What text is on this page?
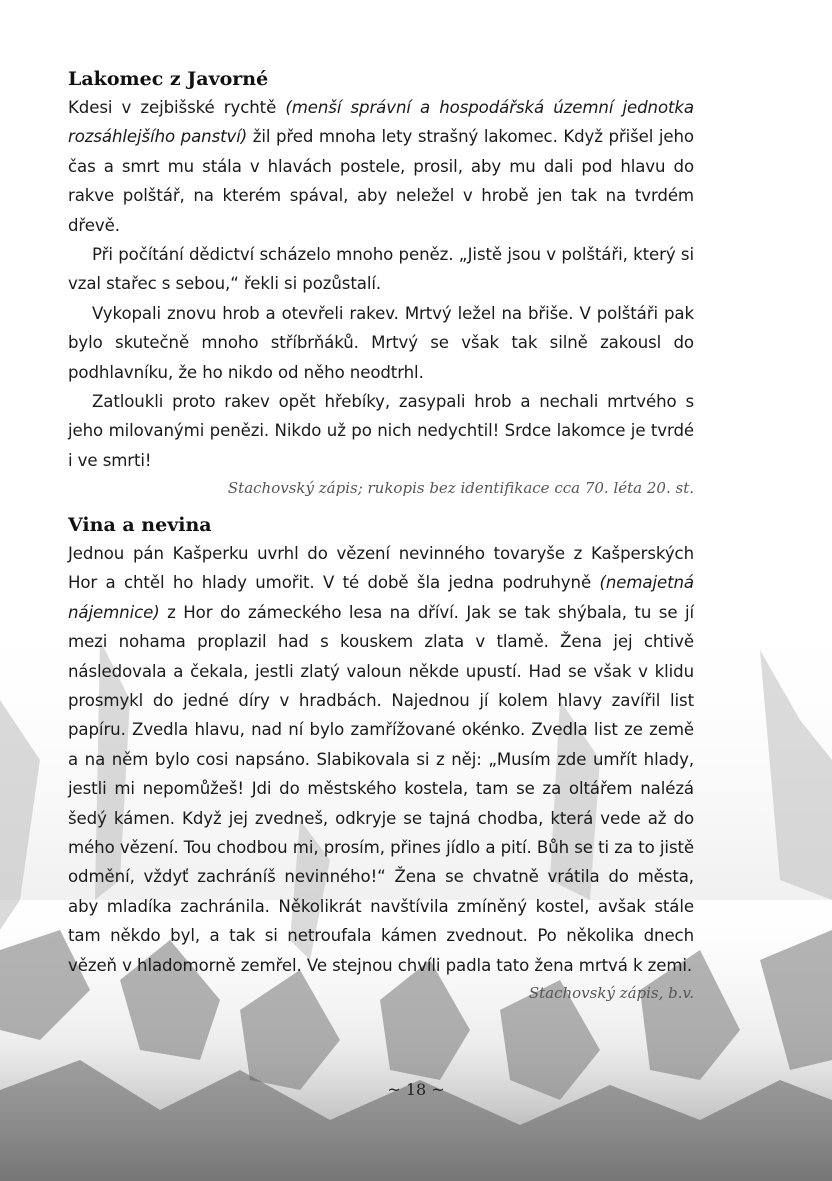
Lakomec z Javorné

Kdesi v zejbišské rychtě (menší správní a hospodářská územní jednotka rozsáhlejšího panství) žil před mnoha lety strašný lakomec. Když přišel jeho čas a smrt mu stála v hlavách postele, prosil, aby mu dali pod hlavu do rakve polštář, na kterém spával, aby neležel v hrobě jen tak na tvrdém dřevě.

Při počítání dědictví scházelo mnoho peněz. „Jistě jsou v polštáři, který si vzal stařec s sebou,“ řekli si pozůstalí.

Vykopali znovu hrob a otevřeli rakev. Mrtvý ležel na břiše. V polštáři pak bylo skutečně mnoho stříbrňáků. Mrtvý se však tak silně zakousl do podhlavníku, že ho nikdo od něho neodtrhl.

Zatloukli proto rakev opět hřebíky, zasypali hrob a nechali mrtvého s jeho milovanými penězi. Nikdo už po nich nedychtil! Srdce lakomce je tvrdé i ve smrti!

Stachovský zápis; rukopis bez identifikace cca 70. léta 20. st.

Vina a nevina

Jednou pán Kašperku uvrhl do vězení nevinného tovaryše z Kašperských Hor a chtěl ho hlady umořit. V té době šla jedna podruhyně (nemajetná nájemnice) z Hor do zámeckého lesa na dříví. Jak se tak shýbala, tu se jí mezi nohama proplazil had s kouskem zlata v tlamě. Žena jej chtivě následovala a čekala, jestli zlatý valoun někde upustí. Had se však v klidu prosmykl do jedné díry v hradbách. Najednou jí kolem hlavy zavířil list papíru. Zvedla hlavu, nad ní bylo zamřížované okénko. Zvedla list ze země a na něm bylo cosi napsáno. Slabikovala si z něj: „Musím zde umřít hlady, jestli mi nepomůžeš! Jdi do městského kostela, tam se za oltářem nalézá šedý kámen. Když jej zvedneš, odkryje se tajná chodba, která vede až do mého vězení. Tou chodbou mi, prosím, přines jídlo a pití. Bůh se ti za to jistě odmění, vždyť zachráníš nevinného!“ Žena se chvatně vrátila do města, aby mladíka zachránila. Několikrát navštívila zmíněný kostel, avšak stále tam někdo byl, a tak si netroufala kámen zvednout. Po několika dnech vězeň v hladomorně zemřel. Ve stejnou chvíli padla tato žena mrtvá k zemi.

Stachovský zápis, b.v.

~ 18 ~
